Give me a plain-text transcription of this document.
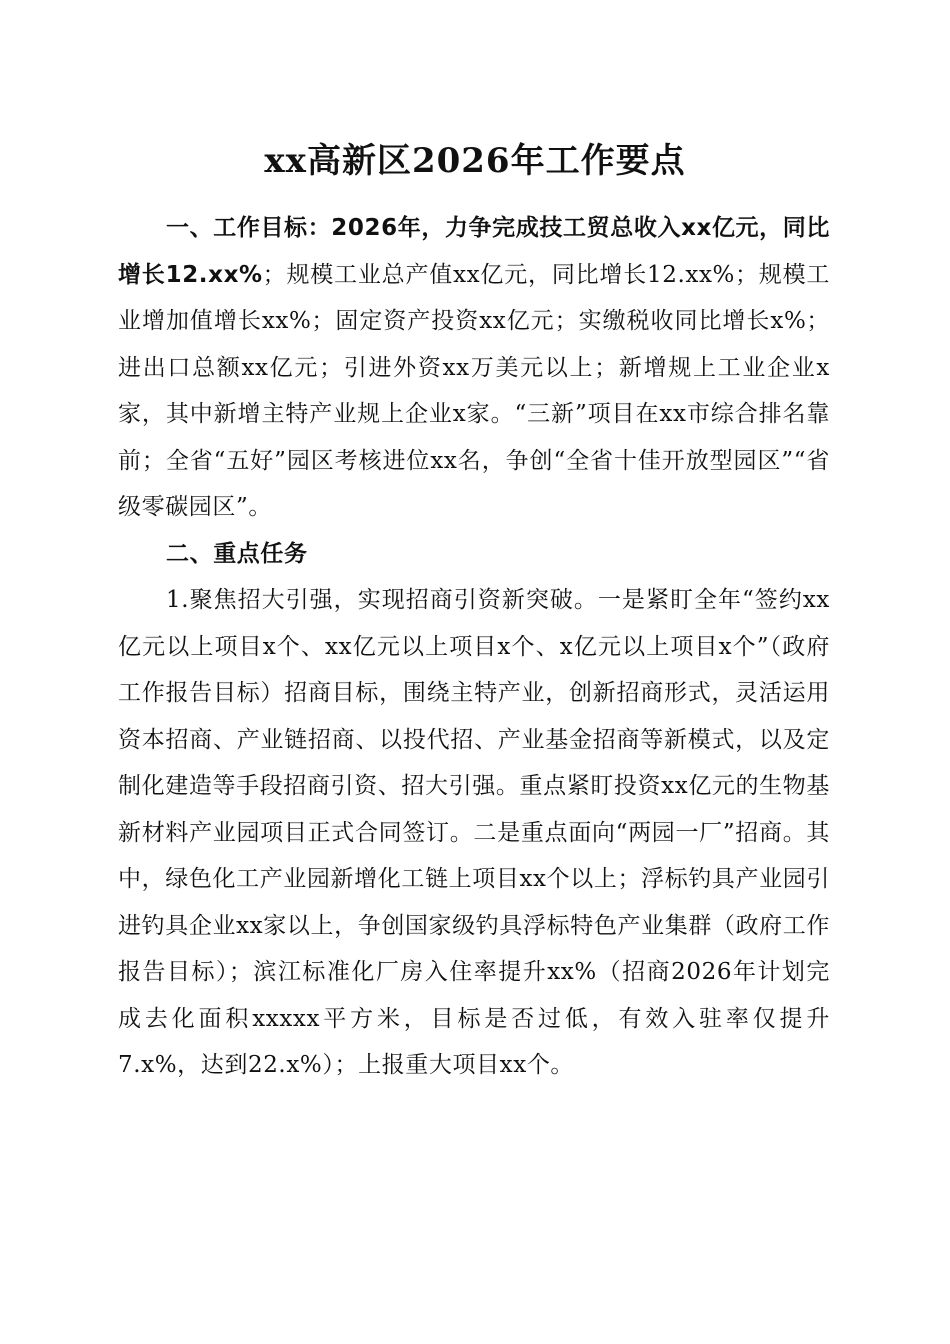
xx高新区2026年工作要点

一、工作目标：2026年，力争完成技工贸总收入xx亿元，同比增长12.xx%；规模工业总产值xx亿元，同比增长12.xx%；规模工业增加值增长xx%；固定资产投资xx亿元；实缴税收同比增长x%；进出口总额xx亿元；引进外资xx万美元以上；新增规上工业企业x家，其中新增主特产业规上企业x家。“三新”项目在xx市综合排名靠前；全省“五好”园区考核进位xx名，争创“全省十佳开放型园区”“省级零碳园区”。

二、重点任务

1.聚焦招大引强，实现招商引资新突破。一是紧盯全年“签约xx亿元以上项目x个、xx亿元以上项目x个、x亿元以上项目x个”（政府工作报告目标）招商目标，围绕主特产业，创新招商形式，灵活运用资本招商、产业链招商、以投代招、产业基金招商等新模式，以及定制化建造等手段招商引资、招大引强。重点紧盯投资xx亿元的生物基新材料产业园项目正式合同签订。二是重点面向“两园一厂”招商。其中，绿色化工产业园新增化工链上项目xx个以上；浮标钓具产业园引进钓具企业xx家以上，争创国家级钓具浮标特色产业集群（政府工作报告目标）；滨江标准化厂房入住率提升xx%（招商2026年计划完成去化面积xxxxx平方米，目标是否过低，有效入驻率仅提升7.x%，达到22.x%）；上报重大项目xx个。
